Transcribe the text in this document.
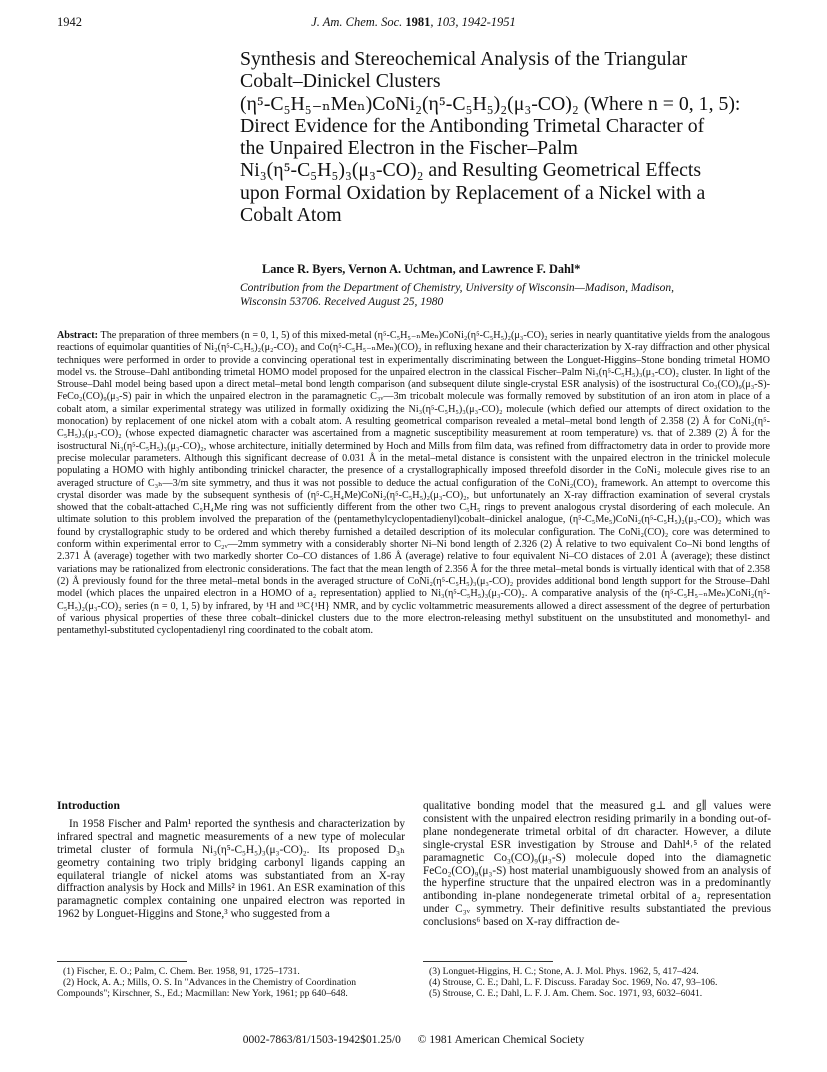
1942	J. Am. Chem. Soc. 1981, 103, 1942-1951
Synthesis and Stereochemical Analysis of the Triangular
Cobalt–Dinickel Clusters
(η⁵-C₅H₅₋ₙMeₙ)CoNi₂(η⁵-C₅H₅)₂(μ₃-CO)₂ (Where n = 0, 1, 5):
Direct Evidence for the Antibonding Trimetal Character of
the Unpaired Electron in the Fischer–Palm
Ni₃(η⁵-C₅H₅)₃(μ₃-CO)₂ and Resulting Geometrical Effects
upon Formal Oxidation by Replacement of a Nickel with a
Cobalt Atom
Lance R. Byers, Vernon A. Uchtman, and Lawrence F. Dahl*
Contribution from the Department of Chemistry, University of Wisconsin—Madison, Madison,
Wisconsin 53706. Received August 25, 1980
Abstract: The preparation of three members (n = 0, 1, 5) of this mixed-metal (η⁵-C₅H₅₋ₙMeₙ)CoNi₂(η⁵-C₅H₅)₂(μ₃-CO)₂ series in nearly quantitative yields from the analogous reactions of equimolar quantities of Ni₂(η⁵-C₅H₅)₂(μ₂-CO)₂ and Co(η⁵-C₅H₅₋ₙMeₙ)(CO)₂ in refluxing hexane and their characterization by X-ray diffraction and other physical techniques were performed in order to provide a convincing operational test in experimentally discriminating between the Longuet-Higgins–Stone bonding trimetal HOMO model vs. the Strouse–Dahl antibonding trimetal HOMO model proposed for the unpaired electron in the classical Fischer–Palm Ni₃(η⁵-C₅H₅)₃(μ₃-CO)₂ cluster. In light of the Strouse–Dahl model being based upon a direct metal–metal bond length comparison (and subsequent dilute single-crystal ESR analysis) of the isostructural Co₃(CO)₉(μ₃-S)-FeCo₂(CO)₉(μ₃-S) pair in which the unpaired electron in the paramagnetic C₃ᵥ—3m tricobalt molecule was formally removed by substitution of an iron atom in place of a cobalt atom, a similar experimental strategy was utilized in formally oxidizing the Ni₃(η⁵-C₅H₅)₃(μ₃-CO)₂ molecule (which defied our attempts of direct oxidation to the monocation) by replacement of one nickel atom with a cobalt atom. A resulting geometrical comparison revealed a metal–metal bond length of 2.358 (2) Å for CoNi₂(η⁵-C₅H₅)₃(μ₃-CO)₂ (whose expected diamagnetic character was ascertained from a magnetic susceptibility measurement at room temperature) vs. that of 2.389 (2) Å for the isostructural Ni₃(η⁵-C₅H₅)₃(μ₃-CO)₂, whose architecture, initially determined by Hoch and Mills from film data, was refined from diffractometry data in order to provide more precise molecular parameters. Although this significant decrease of 0.031 Å in the metal–metal distance is consistent with the unpaired electron in the trinickel molecule populating a HOMO with highly antibonding trinickel character, the presence of a crystallographically imposed threefold disorder in the CoNi₂ molecule gives rise to an averaged structure of C₃ₕ—3/m site symmetry, and thus it was not possible to deduce the actual configuration of the CoNi₂(CO)₂ framework. An attempt to overcome this crystal disorder was made by the subsequent synthesis of (η⁵-C₅H₄Me)CoNi₂(η⁵-C₅H₅)₂(μ₃-CO)₂, but unfortunately an X-ray diffraction examination of several crystals showed that the cobalt-attached C₅H₄Me ring was not sufficiently different from the other two C₅H₅ rings to prevent analogous crystal disordering of each molecule. An ultimate solution to this problem involved the preparation of the (pentamethylcyclopentadienyl)cobalt–dinickel analogue, (η⁵-C₅Me₅)CoNi₂(η⁵-C₅H₅)₂(μ₃-CO)₂ which was found by crystallographic study to be ordered and which thereby furnished a detailed description of its molecular configuration. The CoNi₂(CO)₂ core was determined to conform within experimental error to C₂ᵥ—2mm symmetry with a considerably shorter Ni–Ni bond length of 2.326 (2) Å relative to two equivalent Co–Ni bond lengths of 2.371 Å (average) together with two markedly shorter Co–CO distances of 1.86 Å (average) relative to four equivalent Ni–CO distaces of 2.01 Å (average); these distinct variations may be rationalized from electronic considerations. The fact that the mean length of 2.356 Å for the three metal–metal bonds is virtually identical with that of 2.358 (2) Å previously found for the three metal–metal bonds in the averaged structure of CoNi₂(η⁵-C₅H₅)₃(μ₃-CO)₂ provides additional bond length support for the Strouse–Dahl model (which places the unpaired electron in a HOMO of a₂ representation) applied to Ni₃(η⁵-C₅H₅)₃(μ₃-CO)₂. A comparative analysis of the (η⁵-C₅H₅₋ₙMeₙ)CoNi₂(η⁵-C₅H₅)₂(μ₃-CO)₂ series (n = 0, 1, 5) by infrared, by ¹H and ¹³C{¹H} NMR, and by cyclic voltammetric measurements allowed a direct assessment of the degree of perturbation of various physical properties of these three cobalt–dinickel clusters due to the more electron-releasing methyl substituent on the unsubstituted and monomethyl- and pentamethyl-substituted cyclopentadienyl ring coordinated to the cobalt atom.
Introduction

In 1958 Fischer and Palm¹ reported the synthesis and characterization by infrared spectral and magnetic measurements of a new type of molecular trimetal cluster of formula Ni₃(η⁵-C₅H₅)₃(μ₃-CO)₂. Its proposed D₃ₕ geometry containing two triply bridging carbonyl ligands capping an equilateral triangle of nickel atoms was substantiated from an X-ray diffraction analysis by Hock and Mills² in 1961. An ESR examination of this paramagnetic complex containing one unpaired electron was reported in 1962 by Longuet-Higgins and Stone,³ who suggested from a

qualitative bonding model that the measured g⊥ and g∥ values were consistent with the unpaired electron residing primarily in a bonding out-of-plane nondegenerate trimetal orbital of dπ character. However, a dilute single-crystal ESR investigation by Strouse and Dahl⁴˒⁵ of the related paramagnetic Co₃(CO)₉(μ₃-S) molecule doped into the diamagnetic FeCo₂(CO)₉(μ₃-S) host material unambiguously showed from an analysis of the hyperfine structure that the unpaired electron was in a predominantly antibonding in-plane nondegenerate trimetal orbital of a₂ representation under C₃ᵥ symmetry. Their definitive results substantiated the previous conclusions⁶ based on X-ray diffraction de-

(1) Fischer, E. O.; Palm, C. Chem. Ber. 1958, 91, 1725–1731.
(2) Hock, A. A.; Mills, O. S. In "Advances in the Chemistry of Coordination Compounds"; Kirschner, S., Ed.; Macmillan: New York, 1961; pp 640–648.
(3) Longuet-Higgins, H. C.; Stone, A. J. Mol. Phys. 1962, 5, 417–424.
(4) Strouse, C. E.; Dahl, L. F. Discuss. Faraday Soc. 1969, No. 47, 93–106.
(5) Strouse, C. E.; Dahl, L. F. J. Am. Chem. Soc. 1971, 93, 6032–6041.
0002-7863/81/1503-1942$01.25/0 © 1981 American Chemical Society
